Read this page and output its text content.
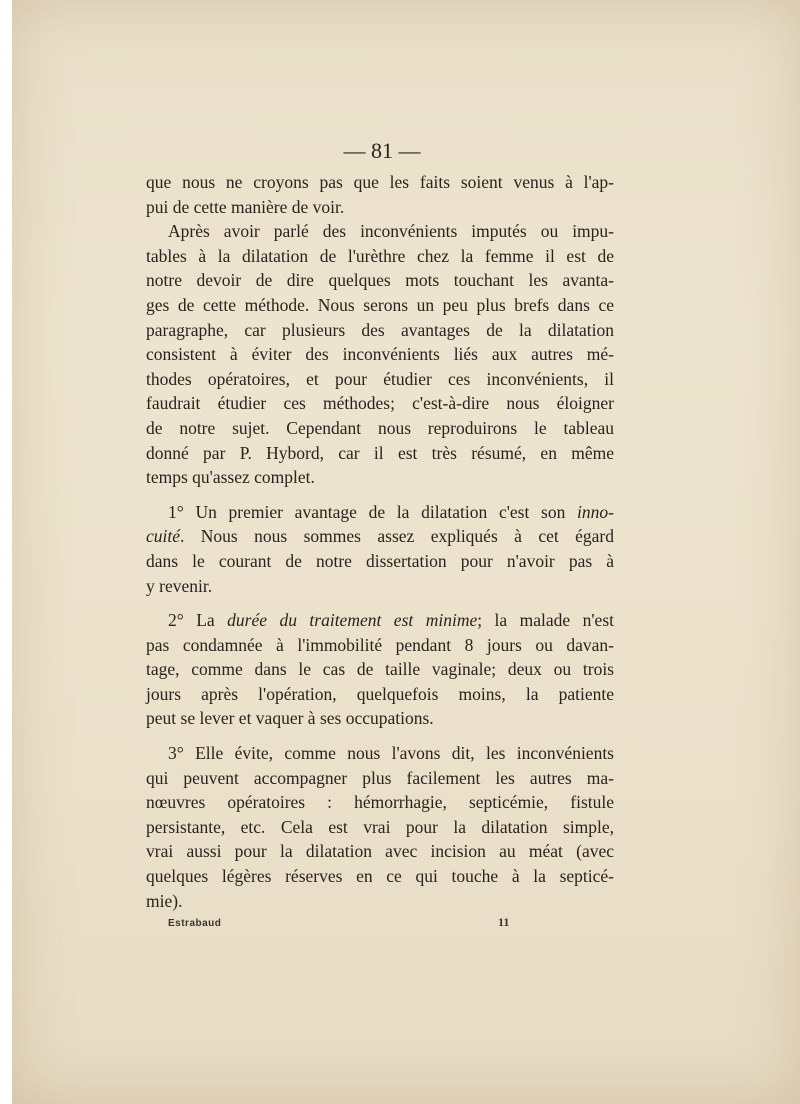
— 81 —
que nous ne croyons pas que les faits soient venus à l'ap-
pui de cette manière de voir.
Après avoir parlé des inconvénients imputés ou impu-
tables à la dilatation de l'urèthre chez la femme il est de
notre devoir de dire quelques mots touchant les avanta-
ges de cette méthode. Nous serons un peu plus brefs dans ce
paragraphe, car plusieurs des avantages de la dilatation
consistent à éviter des inconvénients liés aux autres mé-
thodes opératoires, et pour étudier ces inconvénients, il
faudrait étudier ces méthodes; c'est-à-dire nous éloigner
de notre sujet. Cependant nous reproduirons le tableau
donné par P. Hybord, car il est très résumé, en même
temps qu'assez complet.
1° Un premier avantage de la dilatation c'est son inno-
cuité. Nous nous sommes assez expliqués à cet égard
dans le courant de notre dissertation pour n'avoir pas à
y revenir.
2° La durée du traitement est minime; la malade n'est
pas condamnée à l'immobilité pendant 8 jours ou davan-
tage, comme dans le cas de taille vaginale; deux ou trois
jours après l'opération, quelquefois moins, la patiente
peut se lever et vaquer à ses occupations.
3° Elle évite, comme nous l'avons dit, les inconvénients
qui peuvent accompagner plus facilement les autres ma-
nœuvres opératoires : hémorrhagie, septicémie, fistule
persistante, etc. Cela est vrai pour la dilatation simple,
vrai aussi pour la dilatation avec incision au méat (avec
quelques légères réserves en ce qui touche à la septicé-
mie).
Estrabaud	11
